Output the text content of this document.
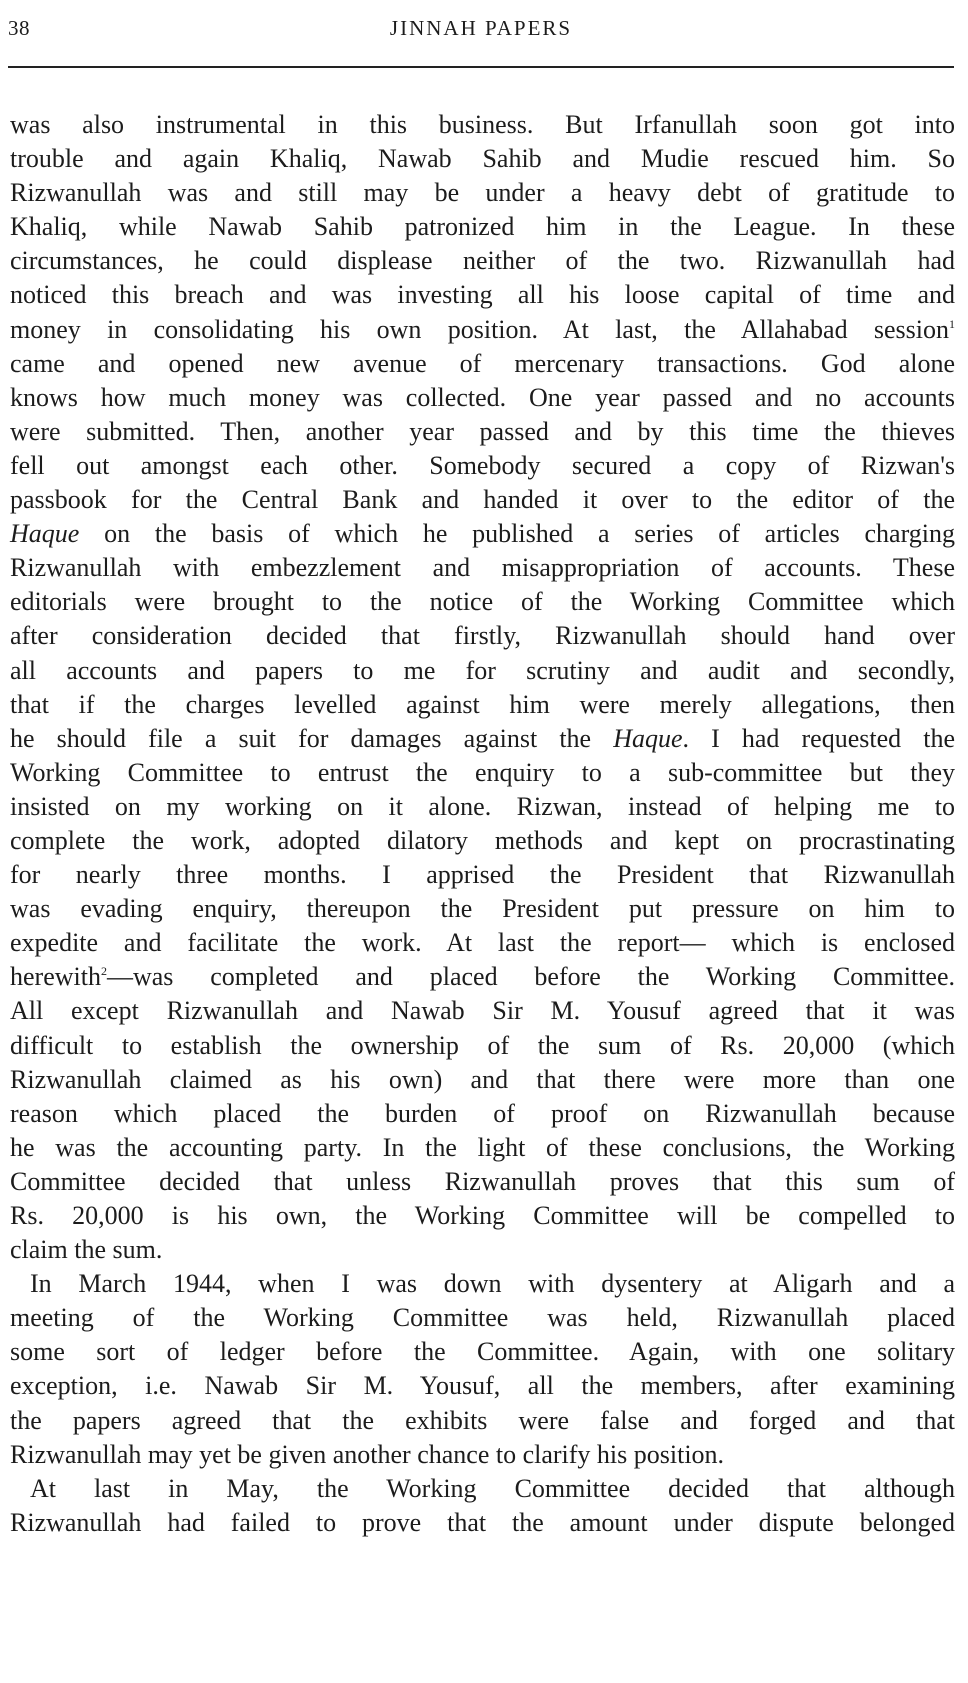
38	JINNAH PAPERS
was also instrumental in this business. But Irfanullah soon got into
trouble and again Khaliq, Nawab Sahib and Mudie rescued him. So
Rizwanullah was and still may be under a heavy debt of gratitude to
Khaliq, while Nawab Sahib patronized him in the League. In these
circumstances, he could displease neither of the two. Rizwanullah had
noticed this breach and was investing all his loose capital of time and
money in consolidating his own position. At last, the Allahabad session$^1$
came and opened new avenue of mercenary transactions. God alone
knows how much money was collected. One year passed and no accounts
were submitted. Then, another year passed and by this time the thieves
fell out amongst each other. Somebody secured a copy of Rizwan's
passbook for the Central Bank and handed it over to the editor of the
Haque on the basis of which he published a series of articles charging
Rizwanullah with embezzlement and misappropriation of accounts. These
editorials were brought to the notice of the Working Committee which
after consideration decided that firstly, Rizwanullah should hand over
all accounts and papers to me for scrutiny and audit and secondly,
that if the charges levelled against him were merely allegations, then
he should file a suit for damages against the Haque. I had requested the
Working Committee to entrust the enquiry to a sub-committee but they
insisted on my working on it alone. Rizwan, instead of helping me to
complete the work, adopted dilatory methods and kept on procrastinating
for nearly three months. I apprised the President that Rizwanullah
was evading enquiry, thereupon the President put pressure on him to
expedite and facilitate the work. At last the report— which is enclosed
herewith$^2$—was completed and placed before the Working Committee.
All except Rizwanullah and Nawab Sir M. Yousuf agreed that it was
difficult to establish the ownership of the sum of Rs. 20,000 (which
Rizwanullah claimed as his own) and that there were more than one
reason which placed the burden of proof on Rizwanullah because
he was the accounting party. In the light of these conclusions, the Working
Committee decided that unless Rizwanullah proves that this sum of
Rs. 20,000 is his own, the Working Committee will be compelled to
claim the sum.
In March 1944, when I was down with dysentery at Aligarh and a
meeting of the Working Committee was held, Rizwanullah placed
some sort of ledger before the Committee. Again, with one solitary
exception, i.e. Nawab Sir M. Yousuf, all the members, after examining
the papers agreed that the exhibits were false and forged and that
Rizwanullah may yet be given another chance to clarify his position.
At last in May, the Working Committee decided that although
Rizwanullah had failed to prove that the amount under dispute belonged
